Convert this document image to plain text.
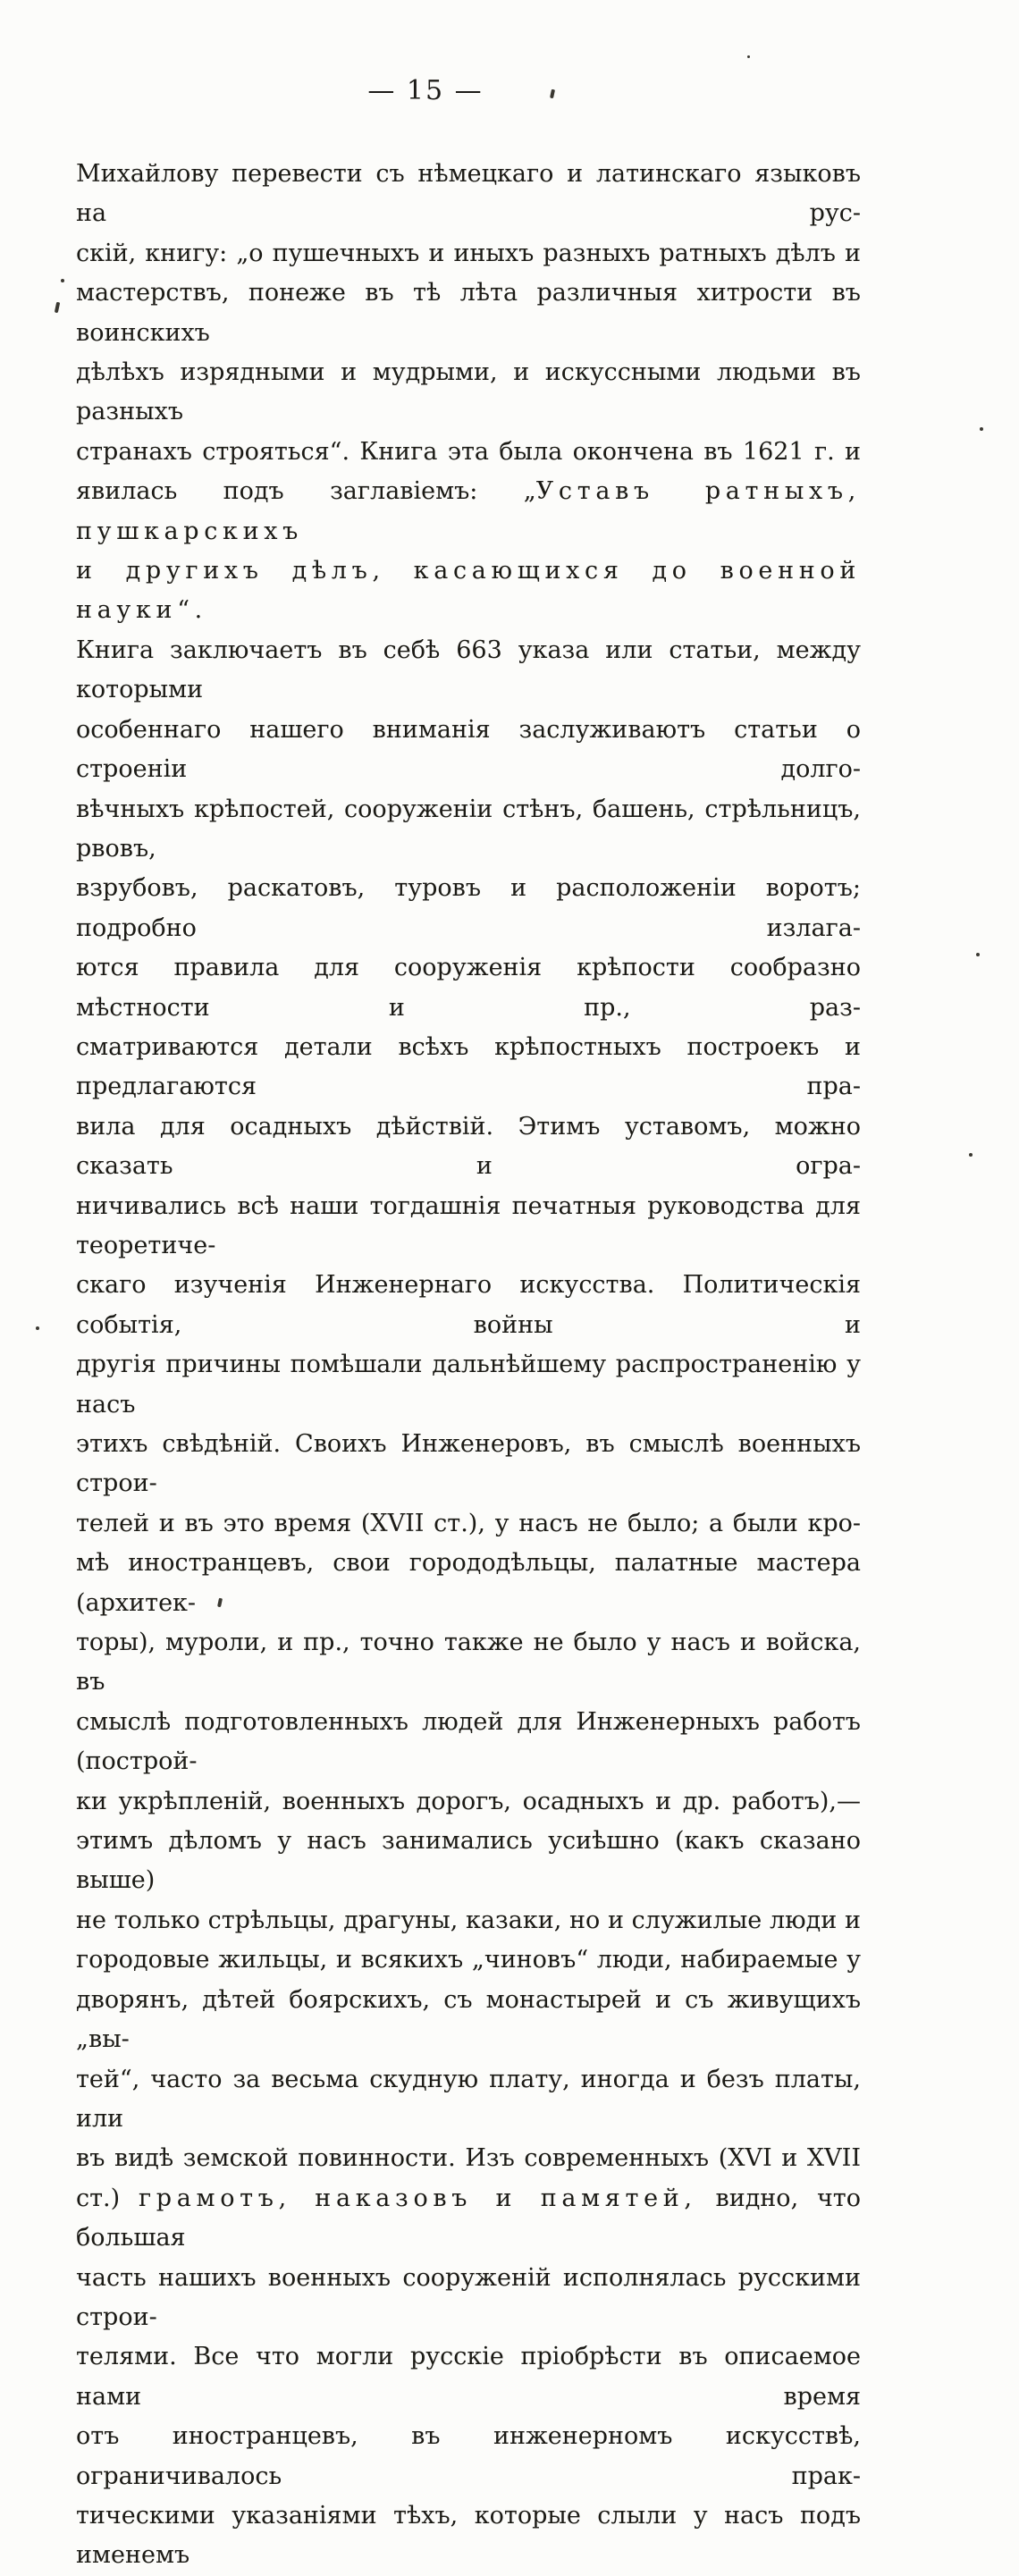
— 15 —
Михайлову перевести съ нѣмецкаго и латинскаго языковъ на рус-
скій, книгу: „о пушечныхъ и иныхъ разныхъ ратныхъ дѣлъ и
мастерствъ, понеже въ тѣ лѣта различныя хитрости въ воинскихъ
дѣлѣхъ изрядными и мудрыми, и искуссными людьми въ разныхъ
странахъ строяться“. Книга эта была окончена въ 1621 г. и
явилась подъ заглавіемъ: „Уставъ ратныхъ, пушкарскихъ
и другихъ дѣлъ, касающихся до военной науки“.
Книга заключаетъ въ себѣ 663 указа или статьи, между которыми
особеннаго нашего вниманія заслуживаютъ статьи о строеніи долго-
вѣчныхъ крѣпостей, сооруженіи стѣнъ, башень, стрѣльницъ, рвовъ,
взрубовъ, раскатовъ, туровъ и расположеніи воротъ; подробно излага-
ются правила для сооруженія крѣпости сообразно мѣстности и пр., раз-
сматриваются детали всѣхъ крѣпостныхъ построекъ и предлагаются пра-
вила для осадныхъ дѣйствій. Этимъ уставомъ, можно сказать и огра-
ничивались всѣ наши тогдашнія печатныя руководства для теоретиче-
скаго изученія Инженернаго искусства. Политическія событія, войны и
другія причины помѣшали дальнѣйшему распространенію у насъ
этихъ свѣдѣній. Своихъ Инженеровъ, въ смыслѣ военныхъ строи-
телей и въ это время (XVII ст.), у насъ не было; а были кро-
мѣ иностранцевъ, свои горододѣльцы, палатные мастера (архитек-
торы), муроли, и пр., точно также не было у насъ и войска, въ
смыслѣ подготовленныхъ людей для Инженерныхъ работъ (построй-
ки укрѣпленій, военныхъ дорогъ, осадныхъ и др. работъ),—
этимъ дѣломъ у насъ занимались усиѣшно (какъ сказано выше)
не только стрѣльцы, драгуны, казаки, но и служилые люди и
городовые жильцы, и всякихъ „чиновъ“ люди, набираемые у
дворянъ, дѣтей боярскихъ, съ монастырей и съ живущихъ „вы-
тей“, часто за весьма скудную плату, иногда и безъ платы, или
въ видѣ земской повинности. Изъ современныхъ (XVI и XVII
ст.) грамотъ, наказовъ и памятей, видно, что большая
часть нашихъ военныхъ сооруженій исполнялась русскими строи-
телями. Все что могли русскіе пріобрѣсти въ описаемое нами время
отъ иностранцевъ, въ инженерномъ искусствѣ, ограничивалось прак-
тическими указаніями тѣхъ, которые слыли у насъ подъ именемъ
